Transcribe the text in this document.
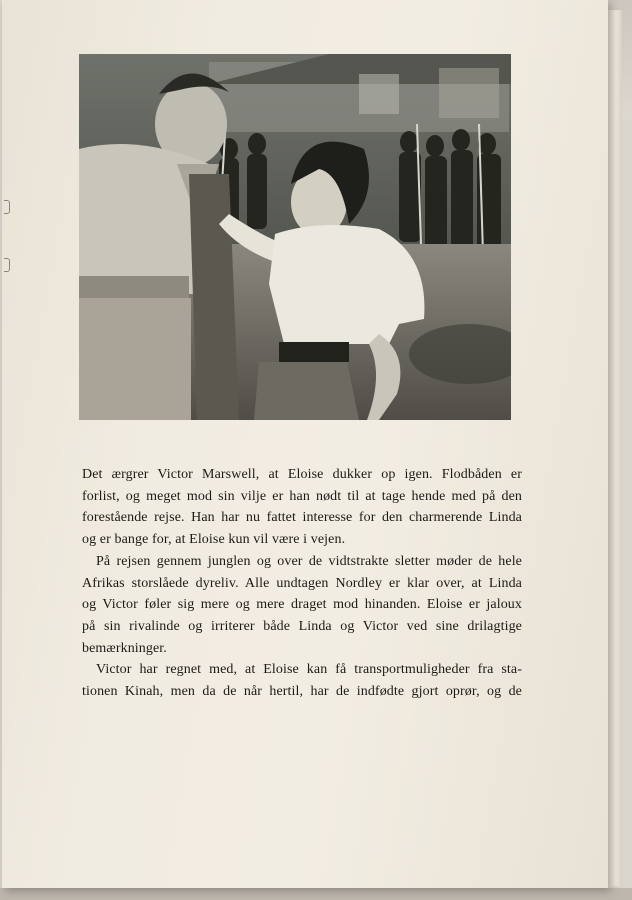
Det ærgrer Victor Marswell, at Eloise dukker op igen. Flodbåden er
forlist, og meget mod sin vilje er han nødt til at tage hende med på den
forestående rejse. Han har nu fattet interesse for den charmerende Linda
og er bange for, at Eloise kun vil være i vejen.

På rejsen gennem junglen og over de vidtstrakte sletter møder de hele
Afrikas storslåede dyreliv. Alle undtagen Nordley er klar over, at Linda
og Victor føler sig mere og mere draget mod hinanden. Eloise er jaloux
på sin rivalinde og irriterer både Linda og Victor ved sine drilagtige
bemærkninger.

Victor har regnet med, at Eloise kan få transportmuligheder fra sta-
tionen Kinah, men da de når hertil, har de indfødte gjort oprør, og de
